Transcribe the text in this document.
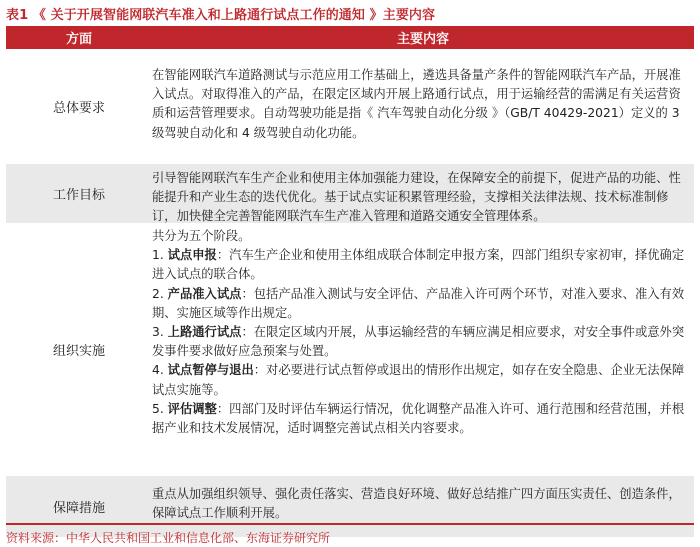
表1 《 关于开展智能网联汽车准入和上路通行试点工作的通知 》主要内容
方面	主要内容
总体要求
在智能网联汽车道路测试与示范应用工作基础上，遴选具备量产条件的智能网联汽车产品，开展准入试点。对取得准入的产品，在限定区域内开展上路通行试点，用于运输经营的需满足有关运营资质和运营管理要求。自动驾驶功能是指《 汽车驾驶自动化分级 》（GB/T 40429-2021）定义的 3 级驾驶自动化和 4 级驾驶自动化功能。
工作目标
引导智能网联汽车生产企业和使用主体加强能力建设，在保障安全的前提下，促进产品的功能、性能提升和产业生态的迭代优化。基于试点实证积累管理经验，支撑相关法律法规、技术标准制修订，加快健全完善智能网联汽车生产准入管理和道路交通安全管理体系。
组织实施
共分为五个阶段。
1. 试点申报：汽车生产企业和使用主体组成联合体制定申报方案，四部门组织专家初审，择优确定进入试点的联合体。
2. 产品准入试点：包括产品准入测试与安全评估、产品准入许可两个环节，对准入要求、准入有效期、实施区域等作出规定。
3. 上路通行试点：在限定区域内开展，从事运输经营的车辆应满足相应要求，对安全事件或意外突发事件要求做好应急预案与处置。
4. 试点暂停与退出：对必要进行试点暂停或退出的情形作出规定，如存在安全隐患、企业无法保障试点实施等。
5. 评估调整：四部门及时评估车辆运行情况，优化调整产品准入许可、通行范围和经营范围，并根据产业和技术发展情况，适时调整完善试点相关内容要求。
保障措施
重点从加强组织领导、强化责任落实、营造良好环境、做好总结推广四方面压实责任、创造条件，保障试点工作顺利开展。
资料来源：中华人民共和国工业和信息化部、东海证券研究所
